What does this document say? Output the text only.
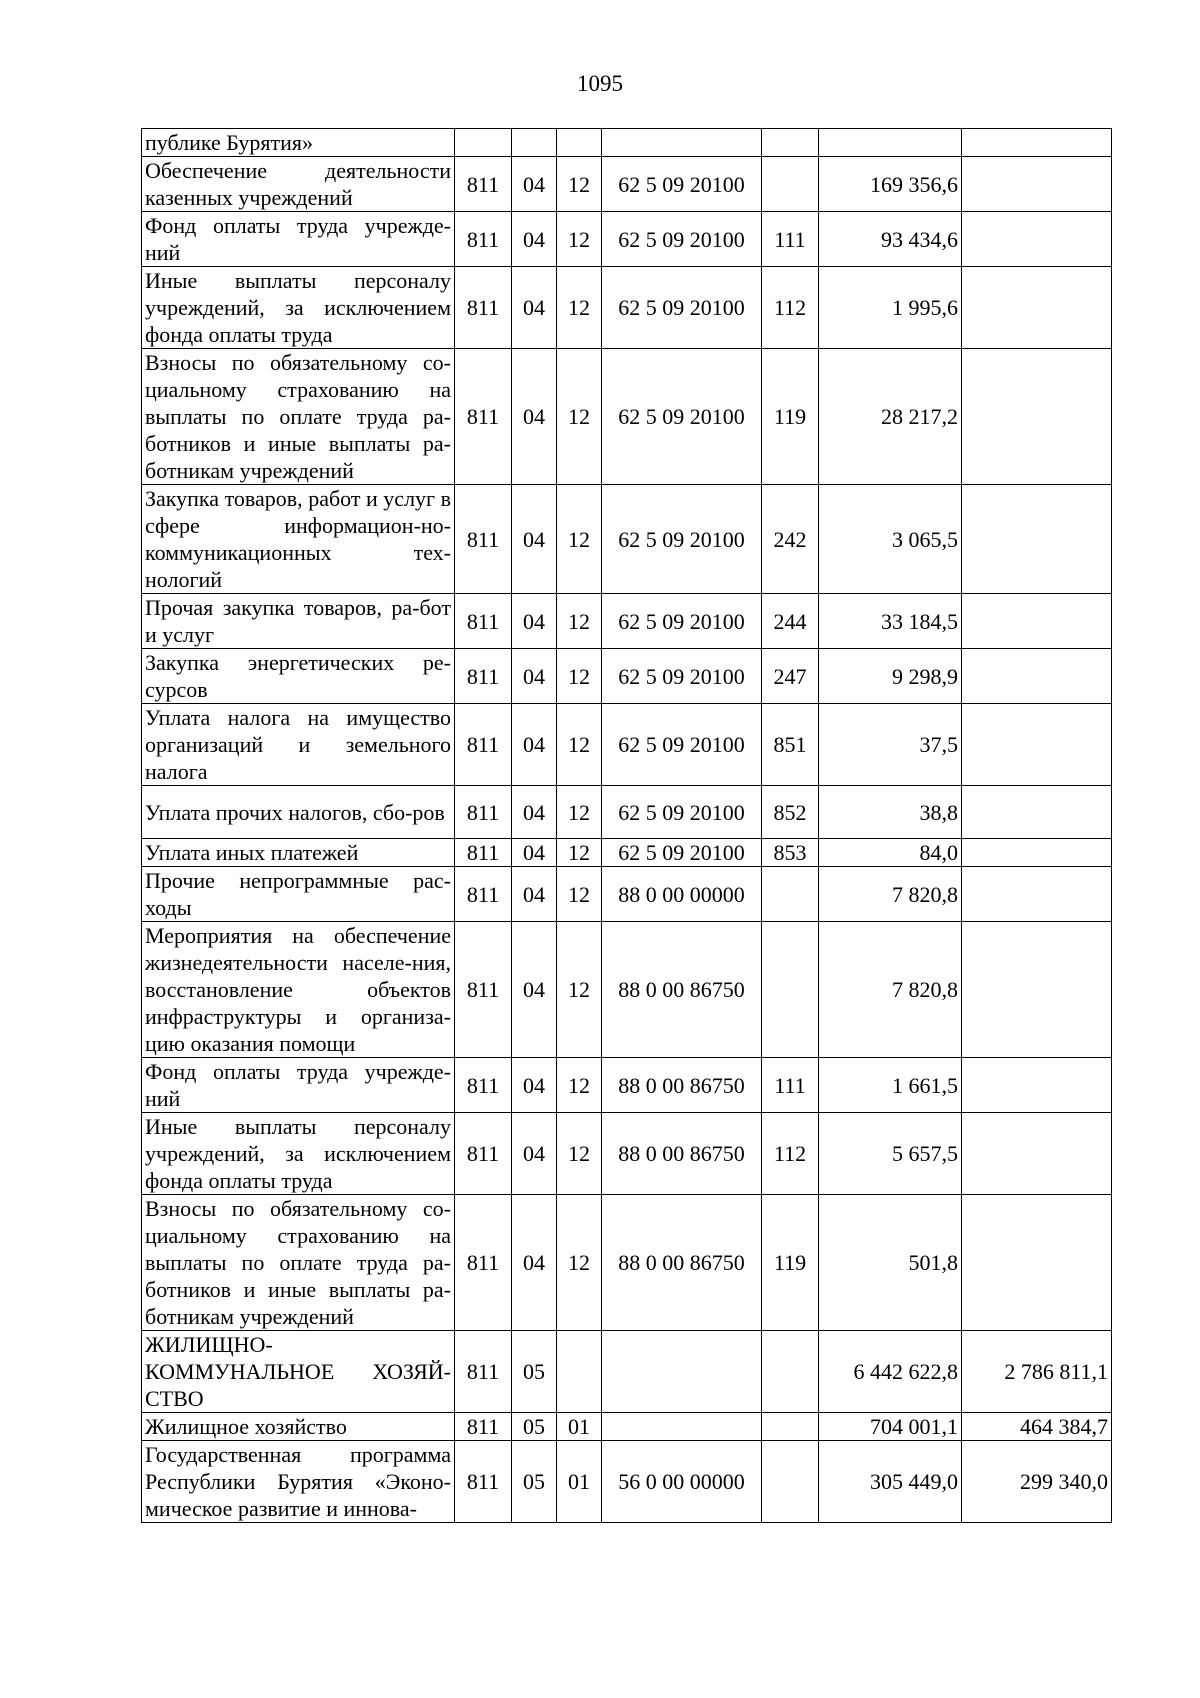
1095
публике Бурятия»							
Обеспечение деятельности казенных учреждений	811	04	12	62 5 09 20100		169 356,6	
Фонд оплаты труда учрежде-ний	811	04	12	62 5 09 20100	111	93 434,6	
Иные выплаты персоналу учреждений, за исключением фонда оплаты труда	811	04	12	62 5 09 20100	112	1 995,6	
Взносы по обязательному со-циальному страхованию на выплаты по оплате труда ра-ботников и иные выплаты ра-ботникам учреждений	811	04	12	62 5 09 20100	119	28 217,2	
Закупка товаров, работ и услуг в сфере информацион-но-коммуникационных тех-нологий	811	04	12	62 5 09 20100	242	3 065,5	
Прочая закупка товаров, ра-бот и услуг	811	04	12	62 5 09 20100	244	33 184,5	
Закупка энергетических ре-сурсов	811	04	12	62 5 09 20100	247	9 298,9	
Уплата налога на имущество организаций и земельного налога	811	04	12	62 5 09 20100	851	37,5	
Уплата прочих налогов, сбо-ров	811	04	12	62 5 09 20100	852	38,8	
Уплата иных платежей	811	04	12	62 5 09 20100	853	84,0	
Прочие непрограммные рас-ходы	811	04	12	88 0 00 00000		7 820,8	
Мероприятия на обеспечение жизнедеятельности населе-ния, восстановление объектов инфраструктуры и организа-цию оказания помощи	811	04	12	88 0 00 86750		7 820,8	
Фонд оплаты труда учрежде-ний	811	04	12	88 0 00 86750	111	1 661,5	
Иные выплаты персоналу учреждений, за исключением фонда оплаты труда	811	04	12	88 0 00 86750	112	5 657,5	
Взносы по обязательному со-циальному страхованию на выплаты по оплате труда ра-ботников и иные выплаты ра-ботникам учреждений	811	04	12	88 0 00 86750	119	501,8	
ЖИЛИЩНО-КОММУНАЛЬНОЕ ХОЗЯЙ-СТВО	811	05				6 442 622,8	2 786 811,1
Жилищное хозяйство	811	05	01			704 001,1	464 384,7
Государственная программа Республики Бурятия «Эконо-мическое развитие и иннова-	811	05	01	56 0 00 00000		305 449,0	299 340,0
